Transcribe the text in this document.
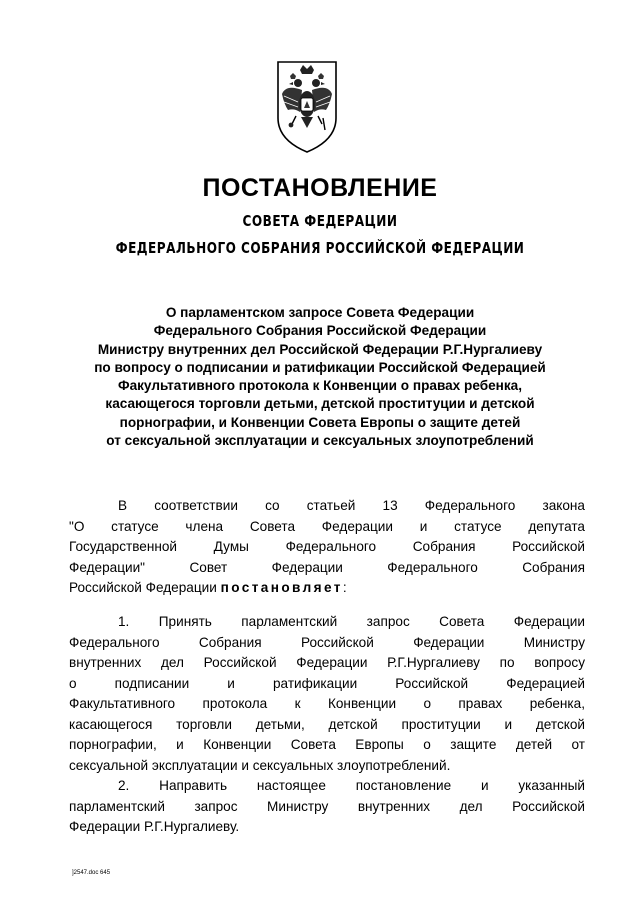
ПОСТАНОВЛЕНИЕ
СОВЕТА ФЕДЕРАЦИИ
ФЕДЕРАЛЬНОГО СОБРАНИЯ РОССИЙСКОЙ ФЕДЕРАЦИИ
О парламентском запросе Совета Федерации
Федерального Собрания Российской Федерации
Министру внутренних дел Российской Федерации Р.Г.Нургалиеву
по вопросу о подписании и ратификации Российской Федерацией
Факультативного протокола к Конвенции о правах ребенка,
касающегося торговли детьми, детской проституции и детской
порнографии, и Конвенции Совета Европы о защите детей
от сексуальной эксплуатации и сексуальных злоупотреблений
В соответствии со статьей 13 Федерального закона
"О статусе члена Совета Федерации и статусе депутата
Государственной Думы Федерального Собрания Российской
Федерации" Совет Федерации Федерального Собрания
Российской Федерации постановляет:
1. Принять парламентский запрос Совета Федерации
Федерального Собрания Российской Федерации Министру
внутренних дел Российской Федерации Р.Г.Нургалиеву по вопросу
о подписании и ратификации Российской Федерацией
Факультативного протокола к Конвенции о правах ребенка,
касающегося торговли детьми, детской проституции и детской
порнографии, и Конвенции Совета Европы о защите детей от
сексуальной эксплуатации и сексуальных злоупотреблений.
2. Направить настоящее постановление и указанный
парламентский запрос Министру внутренних дел Российской
Федерации Р.Г.Нургалиеву.
]2547.doc 645
